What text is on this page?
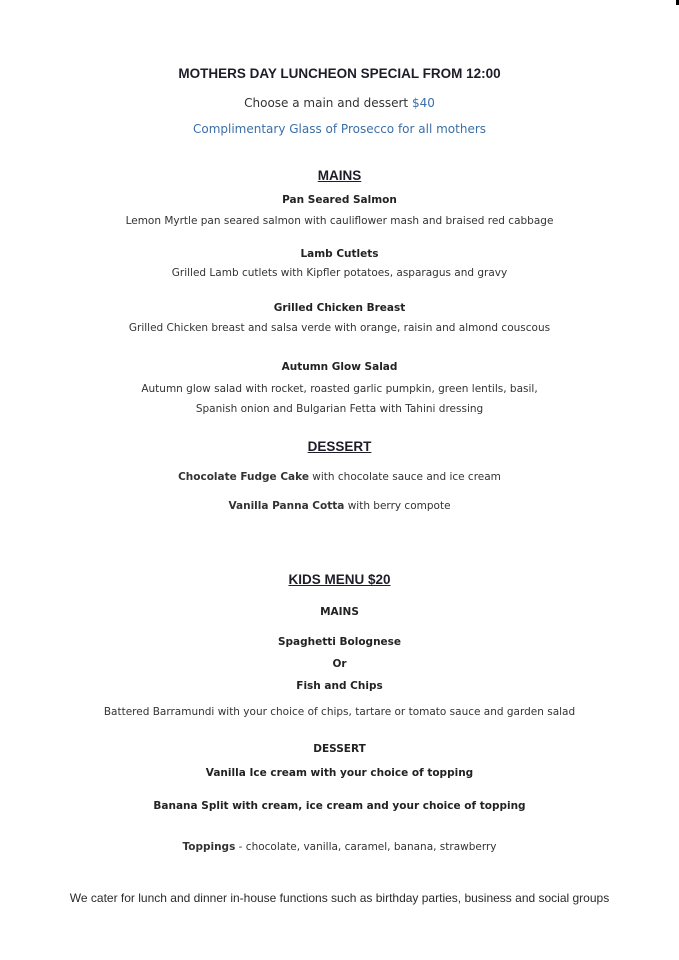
MOTHERS DAY LUNCHEON SPECIAL FROM 12:00
Choose a main and dessert $40
Complimentary Glass of Prosecco for all mothers
MAINS
Pan Seared Salmon
Lemon Myrtle pan seared salmon with cauliflower mash and braised red cabbage
Lamb Cutlets
Grilled Lamb cutlets with Kipfler potatoes, asparagus and gravy
Grilled Chicken Breast
Grilled Chicken breast and salsa verde with orange, raisin and almond couscous
Autumn Glow Salad
Autumn glow salad with rocket, roasted garlic pumpkin, green lentils, basil,
Spanish onion and Bulgarian Fetta with Tahini dressing
DESSERT
Chocolate Fudge Cake with chocolate sauce and ice cream
Vanilla Panna Cotta with berry compote
KIDS MENU $20
MAINS
Spaghetti Bolognese
Or
Fish and Chips
Battered Barramundi with your choice of chips, tartare or tomato sauce and garden salad
DESSERT
Vanilla Ice cream with your choice of topping
Banana Split with cream, ice cream and your choice of topping
Toppings - chocolate, vanilla, caramel, banana, strawberry
We cater for lunch and dinner in-house functions such as birthday parties, business and social groups
